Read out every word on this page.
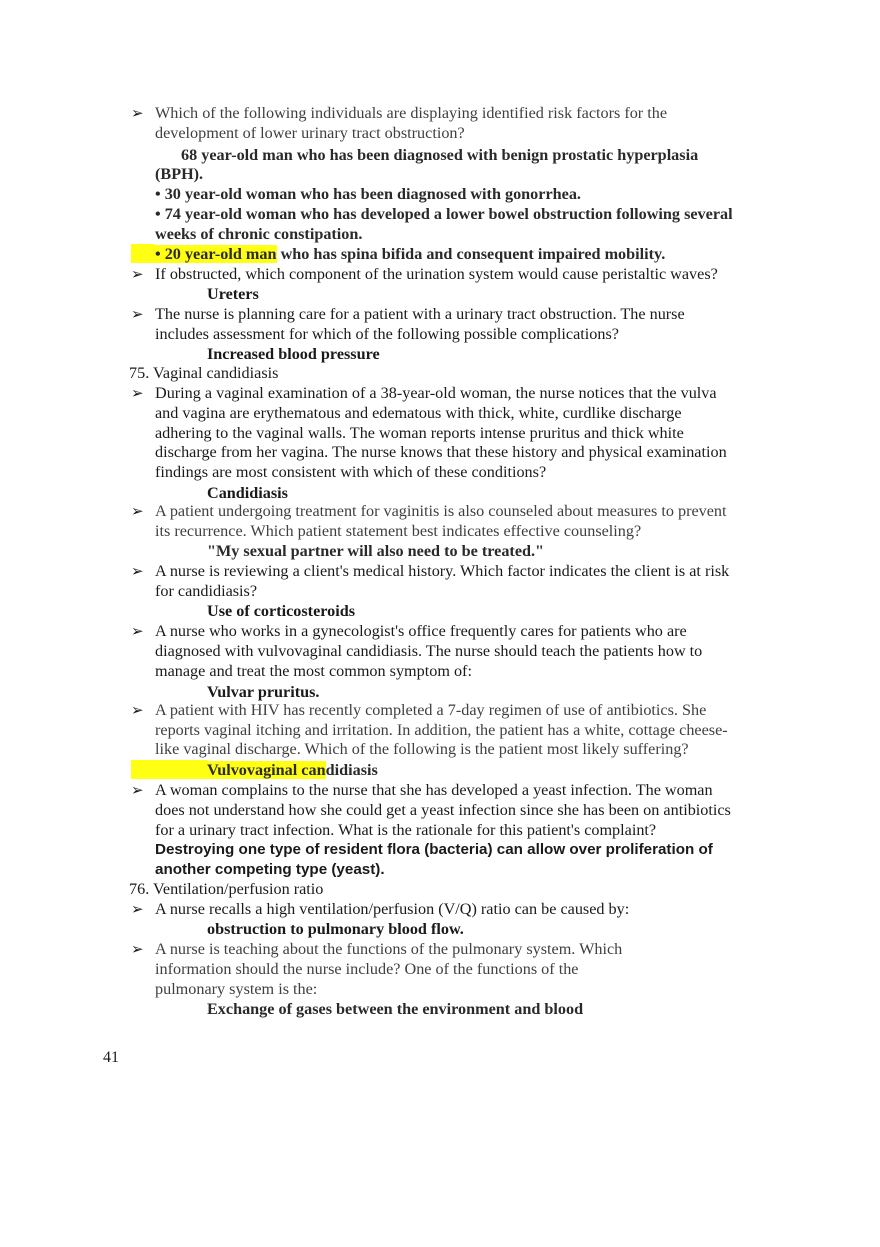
➢ Which of the following individuals are displaying identified risk factors for the
development of lower urinary tract obstruction?
68 year-old man who has been diagnosed with benign prostatic hyperplasia
(BPH).
• 30 year-old woman who has been diagnosed with gonorrhea.
• 74 year-old woman who has developed a lower bowel obstruction following several
weeks of chronic constipation.
• 20 year-old man who has spina bifida and consequent impaired mobility.
➢ If obstructed, which component of the urination system would cause peristaltic waves?
Ureters
➢ The nurse is planning care for a patient with a urinary tract obstruction. The nurse
includes assessment for which of the following possible complications?
Increased blood pressure
75. Vaginal candidiasis
➢ During a vaginal examination of a 38-year-old woman, the nurse notices that the vulva
and vagina are erythematous and edematous with thick, white, curdlike discharge
adhering to the vaginal walls. The woman reports intense pruritus and thick white
discharge from her vagina. The nurse knows that these history and physical examination
findings are most consistent with which of these conditions?
Candidiasis
➢ A patient undergoing treatment for vaginitis is also counseled about measures to prevent
its recurrence. Which patient statement best indicates effective counseling?
"My sexual partner will also need to be treated."
➢ A nurse is reviewing a client's medical history. Which factor indicates the client is at risk
for candidiasis?
Use of corticosteroids
➢ A nurse who works in a gynecologist's office frequently cares for patients who are
diagnosed with vulvovaginal candidiasis. The nurse should teach the patients how to
manage and treat the most common symptom of:
Vulvar pruritus.
➢ A patient with HIV has recently completed a 7-day regimen of use of antibiotics. She
reports vaginal itching and irritation. In addition, the patient has a white, cottage cheese-
like vaginal discharge. Which of the following is the patient most likely suffering?
Vulvovaginal candidiasis
➢ A woman complains to the nurse that she has developed a yeast infection. The woman
does not understand how she could get a yeast infection since she has been on antibiotics
for a urinary tract infection. What is the rationale for this patient's complaint?
Destroying one type of resident flora (bacteria) can allow over proliferation of
another competing type (yeast).
76. Ventilation/perfusion ratio
➢ A nurse recalls a high ventilation/perfusion (V/Q) ratio can be caused by:
obstruction to pulmonary blood flow.
➢ A nurse is teaching about the functions of the pulmonary system. Which
information should the nurse include? One of the functions of the
pulmonary system is the:
Exchange of gases between the environment and blood
41
